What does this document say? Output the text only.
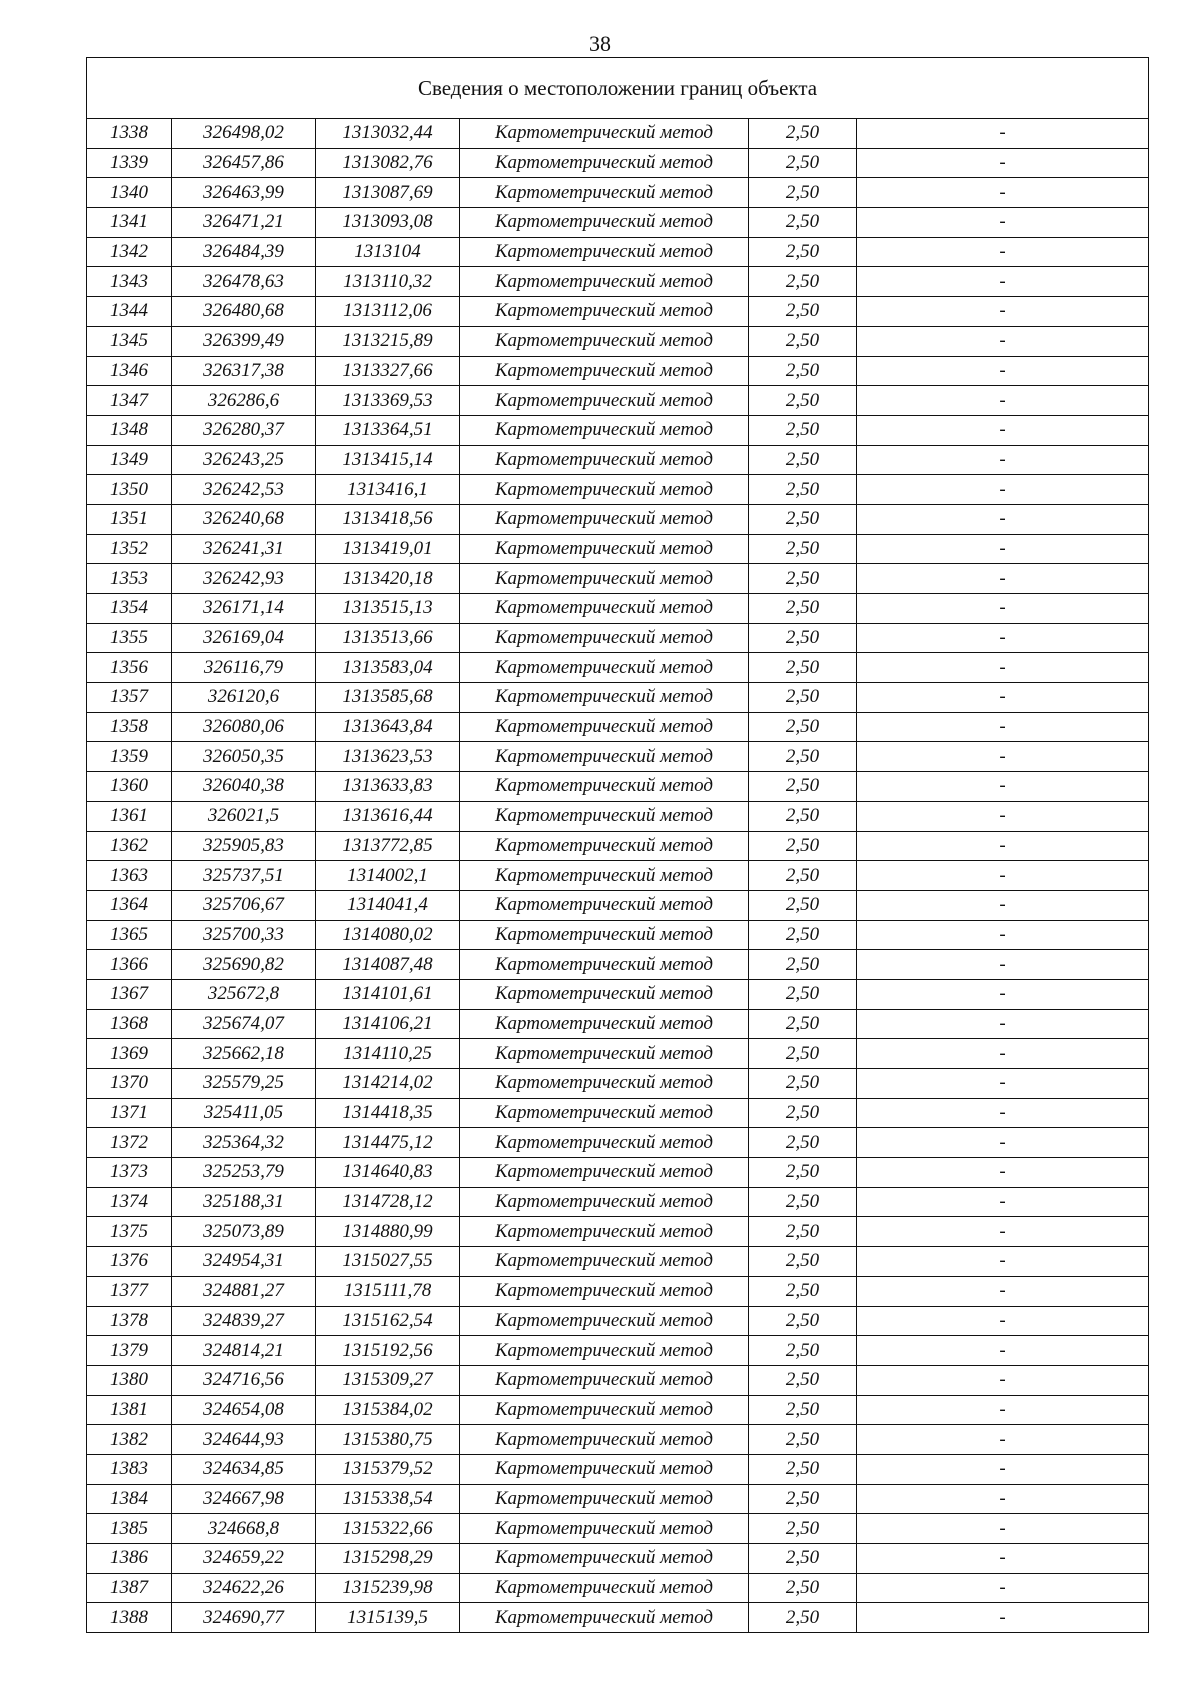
38
Сведения о местоположении границ объекта					
1338	326498,02	1313032,44	Картометрический метод	2,50	-
1339	326457,86	1313082,76	Картометрический метод	2,50	-
1340	326463,99	1313087,69	Картометрический метод	2,50	-
1341	326471,21	1313093,08	Картометрический метод	2,50	-
1342	326484,39	1313104	Картометрический метод	2,50	-
1343	326478,63	1313110,32	Картометрический метод	2,50	-
1344	326480,68	1313112,06	Картометрический метод	2,50	-
1345	326399,49	1313215,89	Картометрический метод	2,50	-
1346	326317,38	1313327,66	Картометрический метод	2,50	-
1347	326286,6	1313369,53	Картометрический метод	2,50	-
1348	326280,37	1313364,51	Картометрический метод	2,50	-
1349	326243,25	1313415,14	Картометрический метод	2,50	-
1350	326242,53	1313416,1	Картометрический метод	2,50	-
1351	326240,68	1313418,56	Картометрический метод	2,50	-
1352	326241,31	1313419,01	Картометрический метод	2,50	-
1353	326242,93	1313420,18	Картометрический метод	2,50	-
1354	326171,14	1313515,13	Картометрический метод	2,50	-
1355	326169,04	1313513,66	Картометрический метод	2,50	-
1356	326116,79	1313583,04	Картометрический метод	2,50	-
1357	326120,6	1313585,68	Картометрический метод	2,50	-
1358	326080,06	1313643,84	Картометрический метод	2,50	-
1359	326050,35	1313623,53	Картометрический метод	2,50	-
1360	326040,38	1313633,83	Картометрический метод	2,50	-
1361	326021,5	1313616,44	Картометрический метод	2,50	-
1362	325905,83	1313772,85	Картометрический метод	2,50	-
1363	325737,51	1314002,1	Картометрический метод	2,50	-
1364	325706,67	1314041,4	Картометрический метод	2,50	-
1365	325700,33	1314080,02	Картометрический метод	2,50	-
1366	325690,82	1314087,48	Картометрический метод	2,50	-
1367	325672,8	1314101,61	Картометрический метод	2,50	-
1368	325674,07	1314106,21	Картометрический метод	2,50	-
1369	325662,18	1314110,25	Картометрический метод	2,50	-
1370	325579,25	1314214,02	Картометрический метод	2,50	-
1371	325411,05	1314418,35	Картометрический метод	2,50	-
1372	325364,32	1314475,12	Картометрический метод	2,50	-
1373	325253,79	1314640,83	Картометрический метод	2,50	-
1374	325188,31	1314728,12	Картометрический метод	2,50	-
1375	325073,89	1314880,99	Картометрический метод	2,50	-
1376	324954,31	1315027,55	Картометрический метод	2,50	-
1377	324881,27	1315111,78	Картометрический метод	2,50	-
1378	324839,27	1315162,54	Картометрический метод	2,50	-
1379	324814,21	1315192,56	Картометрический метод	2,50	-
1380	324716,56	1315309,27	Картометрический метод	2,50	-
1381	324654,08	1315384,02	Картометрический метод	2,50	-
1382	324644,93	1315380,75	Картометрический метод	2,50	-
1383	324634,85	1315379,52	Картометрический метод	2,50	-
1384	324667,98	1315338,54	Картометрический метод	2,50	-
1385	324668,8	1315322,66	Картометрический метод	2,50	-
1386	324659,22	1315298,29	Картометрический метод	2,50	-
1387	324622,26	1315239,98	Картометрический метод	2,50	-
1388	324690,77	1315139,5	Картометрический метод	2,50	-
